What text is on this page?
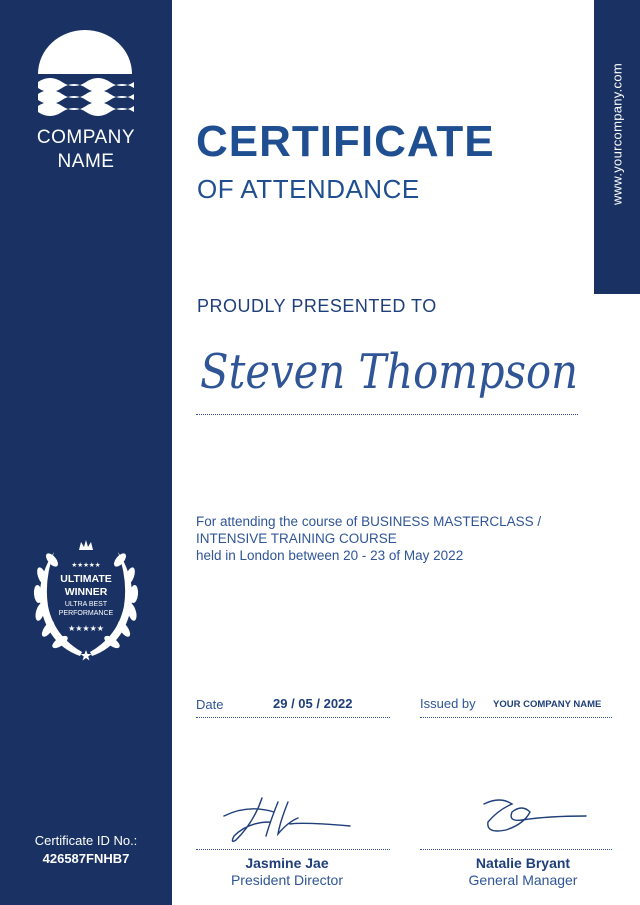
COMPANY
NAME
★★★★★
ULTIMATE
WINNER
ULTRA BEST
PERFORMANCE
★★★★★
Certificate ID No.:
426587FNHB7
www.yourcompany.com
CERTIFICATE
OF ATTENDANCE
PROUDLY PRESENTED TO
Steven Thompson
For attending the course of BUSINESS MASTERCLASS /
INTENSIVE TRAINING COURSE
held in London between 20 - 23 of May 2022
Date	29 / 05 / 2022	Issued by YOUR COMPANY NAME
Jasmine Jae
President Director
Natalie Bryant
General Manager
